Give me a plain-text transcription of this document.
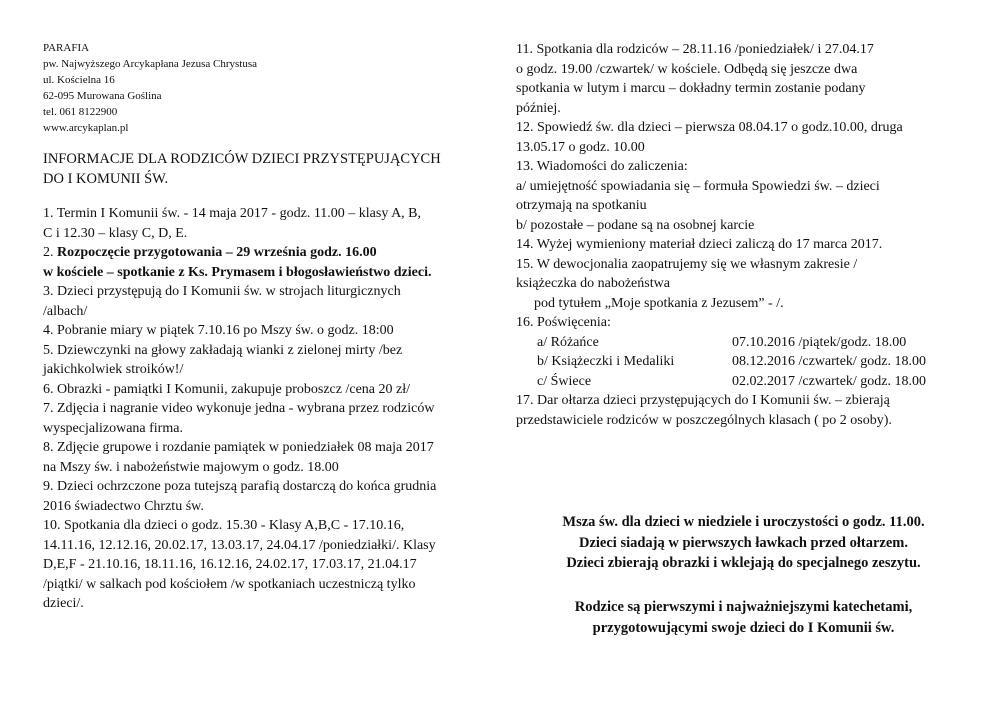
PARAFIA
pw. Najwyższego Arcykapłana Jezusa Chrystusa
ul. Kościelna 16
62-095 Murowana Goślina
tel. 061 8122900
www.arcykaplan.pl
INFORMACJE DLA RODZICÓW DZIECI PRZYSTĘPUJĄCYCH
DO I KOMUNII ŚW.
1. Termin I Komunii św. - 14 maja 2017 - godz. 11.00 – klasy A, B,
C i 12.30 – klasy C, D, E.
2. Rozpoczęcie przygotowania – 29 września godz. 16.00
w kościele – spotkanie z Ks. Prymasem i błogosławieństwo dzieci.
3. Dzieci przystępują do I Komunii św. w strojach liturgicznych
/albach/
4. Pobranie miary w piątek 7.10.16 po Mszy św. o godz. 18:00
5. Dziewczynki na głowy zakładają wianki z zielonej mirty /bez
jakichkolwiek stroików!/
6. Obrazki - pamiątki I Komunii, zakupuje proboszcz /cena 20 zł/
7. Zdjęcia i nagranie video wykonuje jedna - wybrana przez rodziców
wyspecjalizowana firma.
8. Zdjęcie grupowe i rozdanie pamiątek w poniedziałek 08 maja 2017
na Mszy św. i nabożeństwie majowym o godz. 18.00
9. Dzieci ochrzczone poza tutejszą parafią dostarczą do końca grudnia
2016 świadectwo Chrztu św.
10. Spotkania dla dzieci o godz. 15.30 - Klasy A,B,C - 17.10.16,
14.11.16, 12.12.16, 20.02.17, 13.03.17, 24.04.17 /poniedziałki/. Klasy
D,E,F - 21.10.16, 18.11.16, 16.12.16, 24.02.17, 17.03.17, 21.04.17
/piątki/ w salkach pod kościołem /w spotkaniach uczestniczą tylko
dzieci/.
11. Spotkania dla rodziców – 28.11.16 /poniedziałek/ i 27.04.17
o godz. 19.00 /czwartek/ w kościele. Odbędą się jeszcze dwa
spotkania w lutym i marcu – dokładny termin zostanie podany
później.
12. Spowiedź św. dla dzieci – pierwsza 08.04.17 o godz.10.00, druga
13.05.17 o godz. 10.00
13. Wiadomości do zaliczenia:
a/ umiejętność spowiadania się – formuła Spowiedzi św. – dzieci
otrzymają na spotkaniu
b/ pozostałe – podane są na osobnej karcie
14. Wyżej wymieniony materiał dzieci zaliczą do 17 marca 2017.
15. W dewocjonalia zaopatrujemy się we własnym zakresie /
książeczka do nabożeństwa
pod tytułem „Moje spotkania z Jezusem” - /.
16. Poświęcenia:
a/ Różańce	07.10.2016 /piątek/godz. 18.00
b/ Książeczki i Medaliki	08.12.2016 /czwartek/ godz. 18.00
c/ Świece	02.02.2017 /czwartek/ godz. 18.00
17. Dar ołtarza dzieci przystępujących do I Komunii św. – zbierają
przedstawiciele rodziców w poszczególnych klasach ( po 2 osoby).
Msza św. dla dzieci w niedziele i uroczystości o godz. 11.00.
Dzieci siadają w pierwszych ławkach przed ołtarzem.
Dzieci zbierają obrazki i wklejają do specjalnego zeszytu.
Rodzice są pierwszymi i najważniejszymi katechetami,
przygotowującymi swoje dzieci do I Komunii św.
